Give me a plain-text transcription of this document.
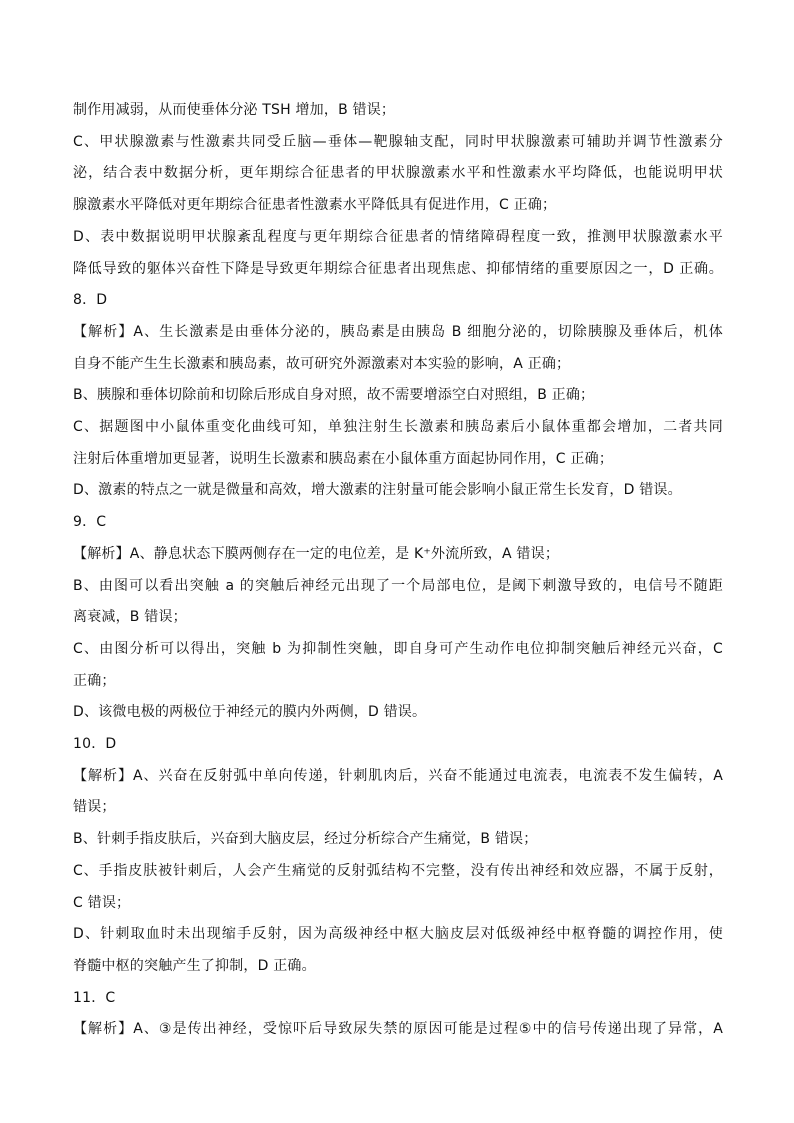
制作用减弱，从而使垂体分泌 TSH 增加，B 错误；
C、甲状腺激素与性激素共同受丘脑—垂体—靶腺轴支配，同时甲状腺激素可辅助并调节性激素分
泌，结合表中数据分析，更年期综合征患者的甲状腺激素水平和性激素水平均降低，也能说明甲状
腺激素水平降低对更年期综合征患者性激素水平降低具有促进作用，C 正确；
D、表中数据说明甲状腺紊乱程度与更年期综合征患者的情绪障碍程度一致，推测甲状腺激素水平
降低导致的躯体兴奋性下降是导致更年期综合征患者出现焦虑、抑郁情绪的重要原因之一，D 正确。
8．D
【解析】A、生长激素是由垂体分泌的，胰岛素是由胰岛 B 细胞分泌的，切除胰腺及垂体后，机体
自身不能产生生长激素和胰岛素，故可研究外源激素对本实验的影响，A 正确；
B、胰腺和垂体切除前和切除后形成自身对照，故不需要增添空白对照组，B 正确；
C、据题图中小鼠体重变化曲线可知，单独注射生长激素和胰岛素后小鼠体重都会增加，二者共同
注射后体重增加更显著，说明生长激素和胰岛素在小鼠体重方面起协同作用，C 正确；
D、激素的特点之一就是微量和高效，增大激素的注射量可能会影响小鼠正常生长发育，D 错误。
9．C
【解析】A、静息状态下膜两侧存在一定的电位差，是 K⁺外流所致，A 错误；
B、由图可以看出突触 a 的突触后神经元出现了一个局部电位，是阈下刺激导致的，电信号不随距
离衰减，B 错误；
C、由图分析可以得出，突触 b 为抑制性突触，即自身可产生动作电位抑制突触后神经元兴奋，C
正确；
D、该微电极的两极位于神经元的膜内外两侧，D 错误。
10．D
【解析】A、兴奋在反射弧中单向传递，针刺肌肉后，兴奋不能通过电流表，电流表不发生偏转，A
错误；
B、针刺手指皮肤后，兴奋到大脑皮层，经过分析综合产生痛觉，B 错误；
C、手指皮肤被针刺后，人会产生痛觉的反射弧结构不完整，没有传出神经和效应器，不属于反射，
C 错误；
D、针刺取血时未出现缩手反射，因为高级神经中枢大脑皮层对低级神经中枢脊髓的调控作用，使
脊髓中枢的突触产生了抑制，D 正确。
11．C
【解析】A、③是传出神经，受惊吓后导致尿失禁的原因可能是过程⑤中的信号传递出现了异常，A
